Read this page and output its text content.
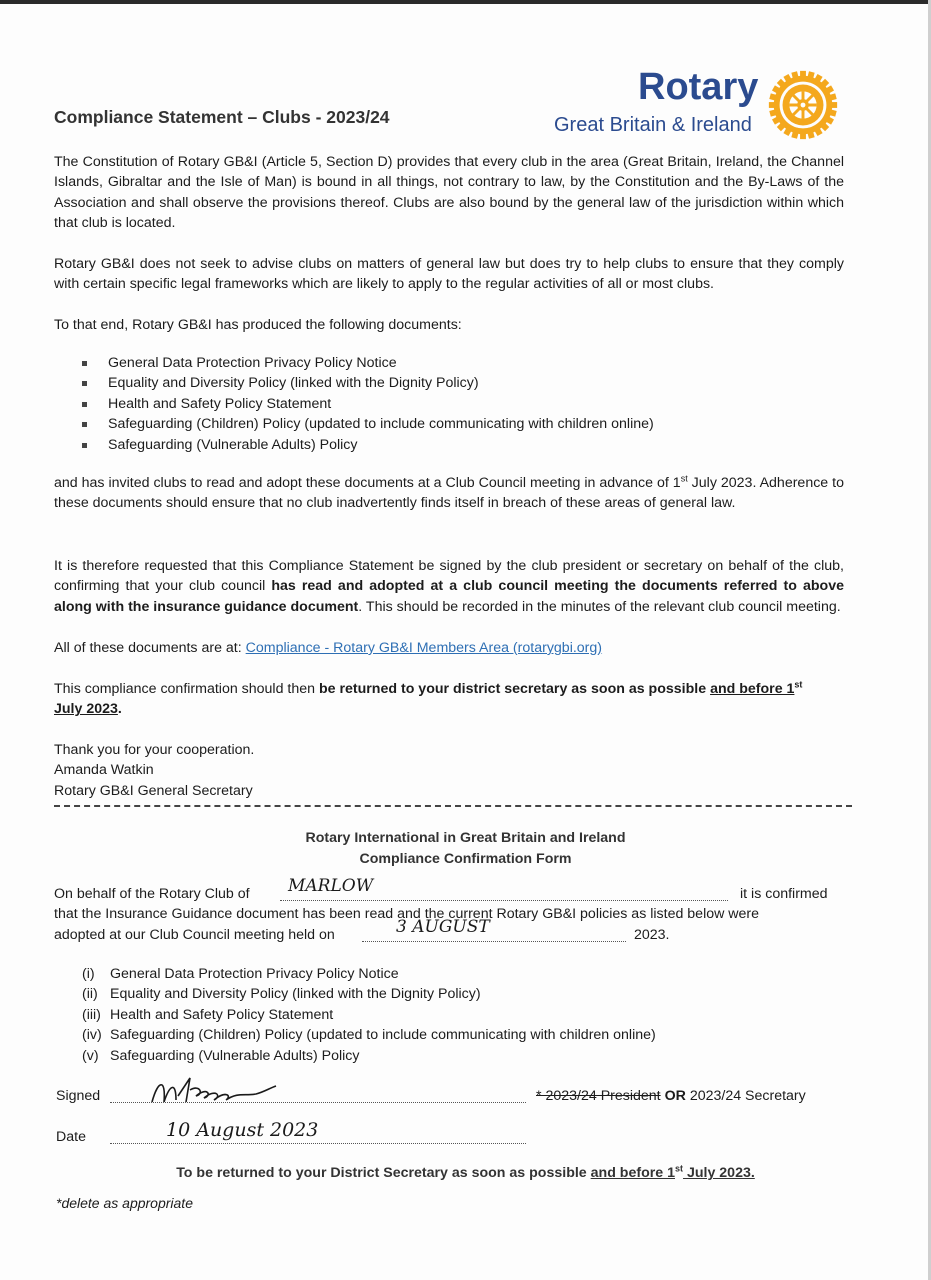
Rotary
Great Britain & Ireland
Compliance Statement – Clubs - 2023/24

The Constitution of Rotary GB&I (Article 5, Section D) provides that every club in the area (Great Britain, Ireland, the Channel Islands, Gibraltar and the Isle of Man) is bound in all things, not contrary to law, by the Constitution and the By-Laws of the Association and shall observe the provisions thereof. Clubs are also bound by the general law of the jurisdiction within which that club is located.

Rotary GB&I does not seek to advise clubs on matters of general law but does try to help clubs to ensure that they comply with certain specific legal frameworks which are likely to apply to the regular activities of all or most clubs.

To that end, Rotary GB&I has produced the following documents:

General Data Protection Privacy Policy Notice
Equality and Diversity Policy (linked with the Dignity Policy)
Health and Safety Policy Statement
Safeguarding (Children) Policy (updated to include communicating with children online)
Safeguarding (Vulnerable Adults) Policy

and has invited clubs to read and adopt these documents at a Club Council meeting in advance of 1st July 2023. Adherence to these documents should ensure that no club inadvertently finds itself in breach of these areas of general law.

It is therefore requested that this Compliance Statement be signed by the club president or secretary on behalf of the club, confirming that your club council has read and adopted at a club council meeting the documents referred to above along with the insurance guidance document. This should be recorded in the minutes of the relevant club council meeting.

All of these documents are at: Compliance - Rotary GB&I Members Area (rotarygbi.org)

This compliance confirmation should then be returned to your district secretary as soon as possible and before 1st
July 2023.

Thank you for your cooperation.
Amanda Watkin
Rotary GB&I General Secretary
Rotary International in Great Britain and Ireland
Compliance Confirmation Form
On behalf of the Rotary Club of MARLOW	it is confirmed
that the Insurance Guidance document has been read and the current Rotary GB&I policies as listed below were
adopted at our Club Council meeting held on	3 AUGUST	2023.
(i) General Data Protection Privacy Policy Notice
(ii) Equality and Diversity Policy (linked with the Dignity Policy)
(iii) Health and Safety Policy Statement
(iv) Safeguarding (Children) Policy (updated to include communicating with children online)
(v) Safeguarding (Vulnerable Adults) Policy
Signed	* 2023/24 President OR 2023/24 Secretary
Date	10 August 2023
To be returned to your District Secretary as soon as possible and before 1st July 2023.
*delete as appropriate
